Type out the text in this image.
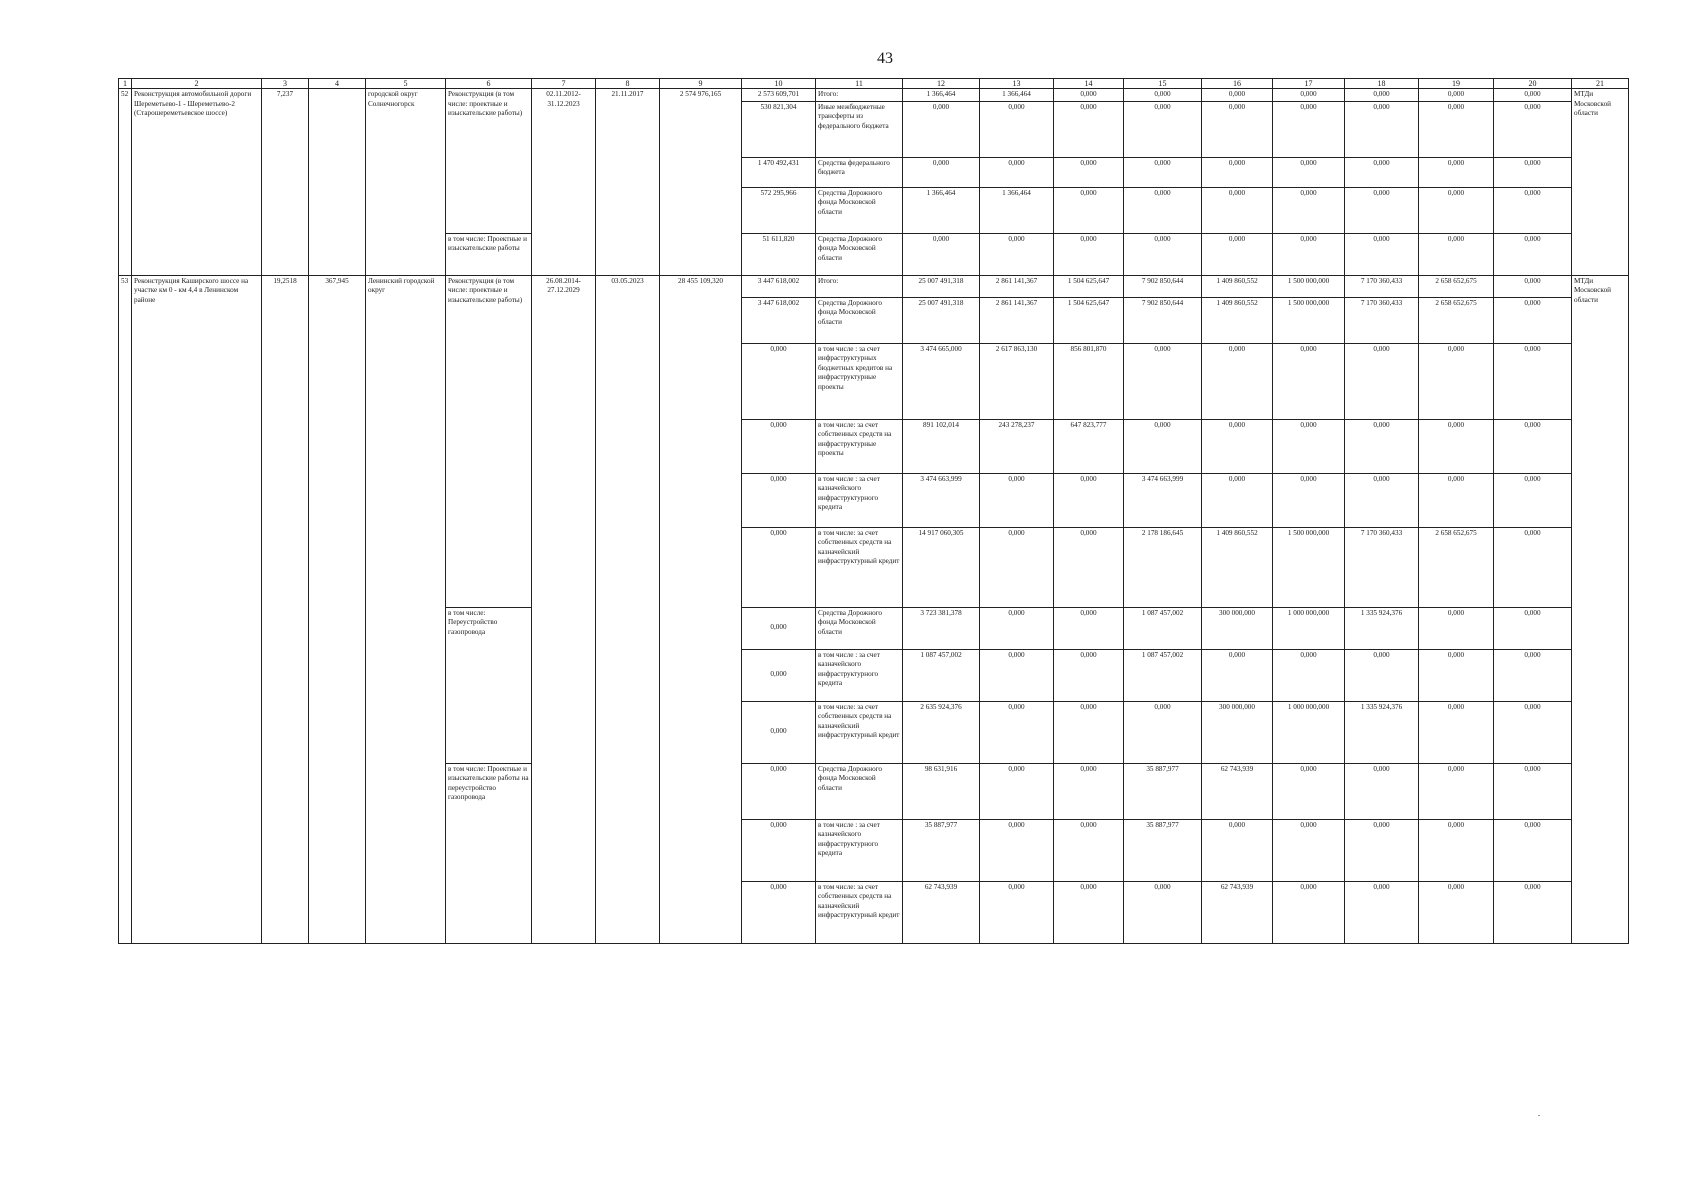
43
1	2	3	4	5	6	7	8	9	10	11	12	13	14	15	16	17	18	19	20	21
52	Реконструкция автомобильной дороги Шереметьево-1 - Шереметьево-2 (Старошереметьевское шоссе)	7,237		городской округ Солнечногорск	Реконструкция (в том числе: проектные и изыскательские работы)	02.11.2012-31.12.2023	21.11.2017	2 574 976,165	2 573 609,701	Итого:	1 366,464	1 366,464	0,000	0,000	0,000	0,000	0,000	0,000	0,000	МТДи Московской области
									530 821,304	Иные межбюджетные трансферты из федерального бюджета	0,000	0,000	0,000	0,000	0,000	0,000	0,000	0,000	0,000	
									1 470 492,431	Средства федерального бюджета	0,000	0,000	0,000	0,000	0,000	0,000	0,000	0,000	0,000	
									572 295,966	Средства Дорожного фонда Московской области	1 366,464	1 366,464	0,000	0,000	0,000	0,000	0,000	0,000	0,000	
					в том числе: Проектные и изыскательские работы				51 611,820	Средства Дорожного фонда Московской области	0,000	0,000	0,000	0,000	0,000	0,000	0,000	0,000	0,000	
53	Реконструкция Каширского шоссе на участке км 0 - км 4,4 в Ленинском районе	19,2518	367,945	Ленинский городской округ	Реконструкция (в том числе: проектные и изыскательские работы)	26.08.2014-27.12.2029	03.05.2023	28 455 109,320	3 447 618,002	Итого:	25 007 491,318	2 861 141,367	1 504 625,647	7 902 850,644	1 409 860,552	1 500 000,000	7 170 360,433	2 658 652,675	0,000	МТДи Московской области
									3 447 618,002	Средства Дорожного фонда Московской области	25 007 491,318	2 861 141,367	1 504 625,647	7 902 850,644	1 409 860,552	1 500 000,000	7 170 360,433	2 658 652,675	0,000	
									0,000	в том числе : за счет инфраструктурных бюджетных кредитов на инфраструктурные проекты	3 474 665,000	2 617 863,130	856 801,870	0,000	0,000	0,000	0,000	0,000	0,000	
									0,000	в том числе: за счет собственных средств на инфраструктурные проекты	891 102,014	243 278,237	647 823,777	0,000	0,000	0,000	0,000	0,000	0,000	
									0,000	в том числе : за счет казначейского инфраструктурного кредита	3 474 663,999	0,000	0,000	3 474 663,999	0,000	0,000	0,000	0,000	0,000	
									0,000	в том числе: за счет собственных средств на казначейский инфраструктурный кредит	14 917 060,305	0,000	0,000	2 178 186,645	1 409 860,552	1 500 000,000	7 170 360,433	2 658 652,675	0,000	
					в том числе: Переустройство газопровода				0,000	Средства Дорожного фонда Московской области	3 723 381,378	0,000	0,000	1 087 457,002	300 000,000	1 000 000,000	1 335 924,376	0,000	0,000	
									0,000	в том числе : за счет казначейского инфраструктурного кредита	1 087 457,002	0,000	0,000	1 087 457,002	0,000	0,000	0,000	0,000	0,000	
									0,000	в том числе: за счет собственных средств на казначейский инфраструктурный кредит	2 635 924,376	0,000	0,000	0,000	300 000,000	1 000 000,000	1 335 924,376	0,000	0,000	
					в том числе: Проектные и изыскательские работы на переустройство газопровода				0,000	Средства Дорожного фонда Московской области	98 631,916	0,000	0,000	35 887,977	62 743,939	0,000	0,000	0,000	0,000	
									0,000	в том числе : за счет казначейского инфраструктурного кредита	35 887,977	0,000	0,000	35 887,977	0,000	0,000	0,000	0,000	0,000	
									0,000	в том числе: за счет собственных средств на казначейский инфраструктурный кредит	62 743,939	0,000	0,000	0,000	62 743,939	0,000	0,000	0,000	0,000	
